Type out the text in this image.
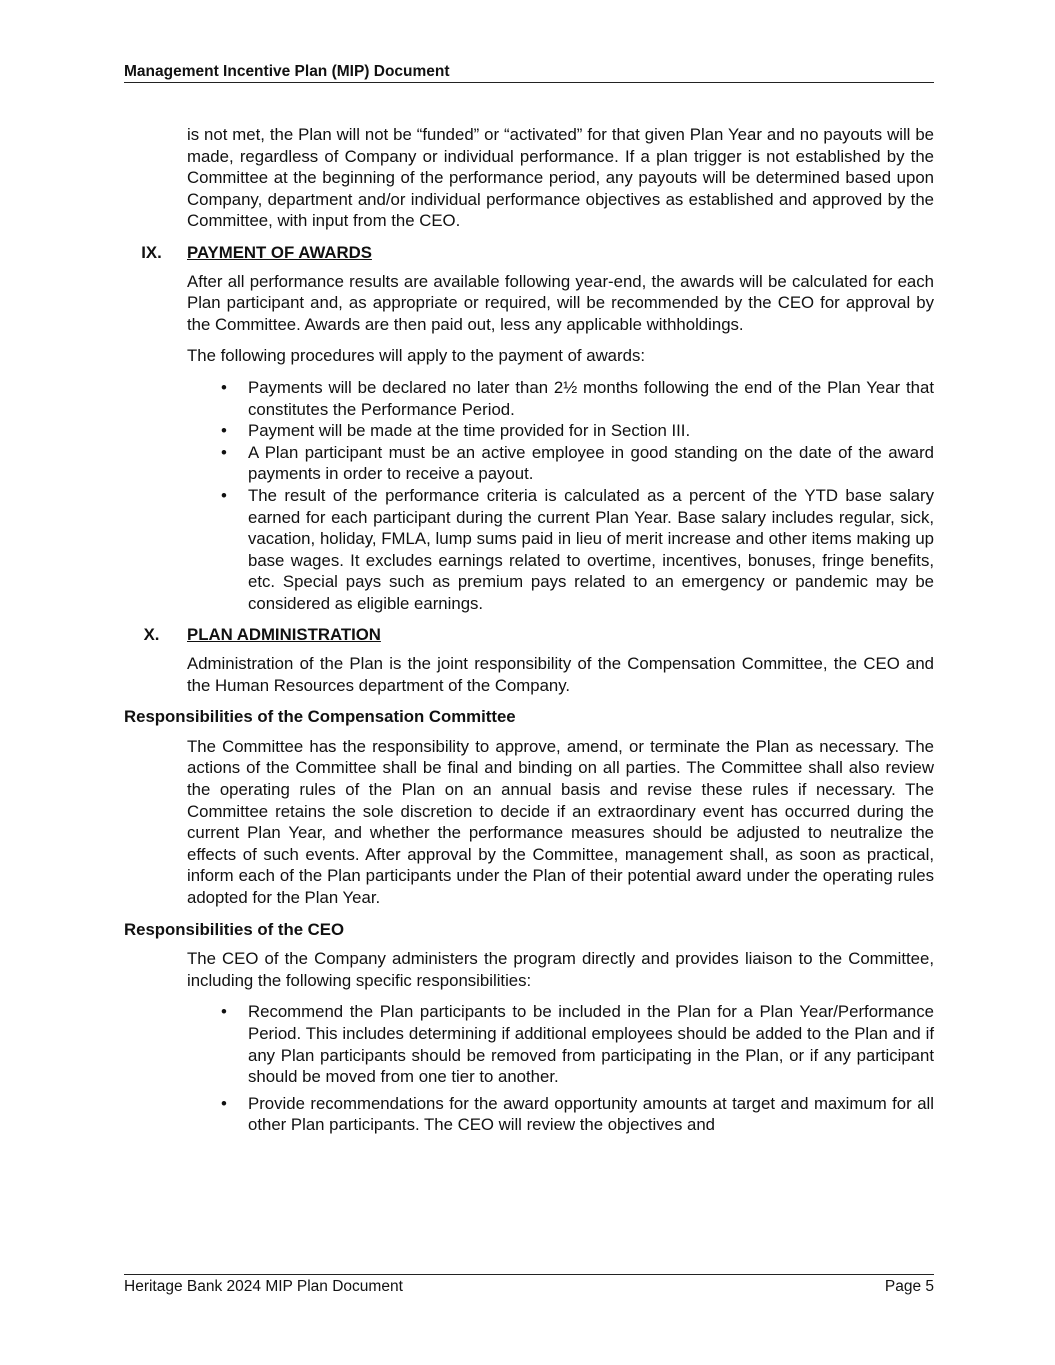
Management Incentive Plan (MIP) Document

is not met, the Plan will not be “funded” or “activated” for that given Plan Year and no payouts will be made, regardless of Company or individual performance. If a plan trigger is not established by the Committee at the beginning of the performance period, any payouts will be determined based upon Company, department and/or individual performance objectives as established and approved by the Committee, with input from the CEO.

IX.	PAYMENT OF AWARDS

After all performance results are available following year-end, the awards will be calculated for each Plan participant and, as appropriate or required, will be recommended by the CEO for approval by the Committee. Awards are then paid out, less any applicable withholdings.

The following procedures will apply to the payment of awards:

• Payments will be declared no later than 2½ months following the end of the Plan Year that constitutes the Performance Period.
• Payment will be made at the time provided for in Section III.
• A Plan participant must be an active employee in good standing on the date of the award payments in order to receive a payout.
• The result of the performance criteria is calculated as a percent of the YTD base salary earned for each participant during the current Plan Year. Base salary includes regular, sick, vacation, holiday, FMLA, lump sums paid in lieu of merit increase and other items making up base wages. It excludes earnings related to overtime, incentives, bonuses, fringe benefits, etc. Special pays such as premium pays related to an emergency or pandemic may be considered as eligible earnings.
X.	PLAN ADMINISTRATION

Administration of the Plan is the joint responsibility of the Compensation Committee, the CEO and the Human Resources department of the Company.

Responsibilities of the Compensation Committee

The Committee has the responsibility to approve, amend, or terminate the Plan as necessary. The actions of the Committee shall be final and binding on all parties. The Committee shall also review the operating rules of the Plan on an annual basis and revise these rules if necessary. The Committee retains the sole discretion to decide if an extraordinary event has occurred during the current Plan Year, and whether the performance measures should be adjusted to neutralize the effects of such events. After approval by the Committee, management shall, as soon as practical, inform each of the Plan participants under the Plan of their potential award under the operating rules adopted for the Plan Year.

Responsibilities of the CEO

The CEO of the Company administers the program directly and provides liaison to the Committee, including the following specific responsibilities:

• Recommend the Plan participants to be included in the Plan for a Plan Year/Performance Period. This includes determining if additional employees should be added to the Plan and if any Plan participants should be removed from participating in the Plan, or if any participant should be moved from one tier to another.
• Provide recommendations for the award opportunity amounts at target and maximum for all other Plan participants. The CEO will review the objectives and
Heritage Bank 2024 MIP Plan Document	Page 5
